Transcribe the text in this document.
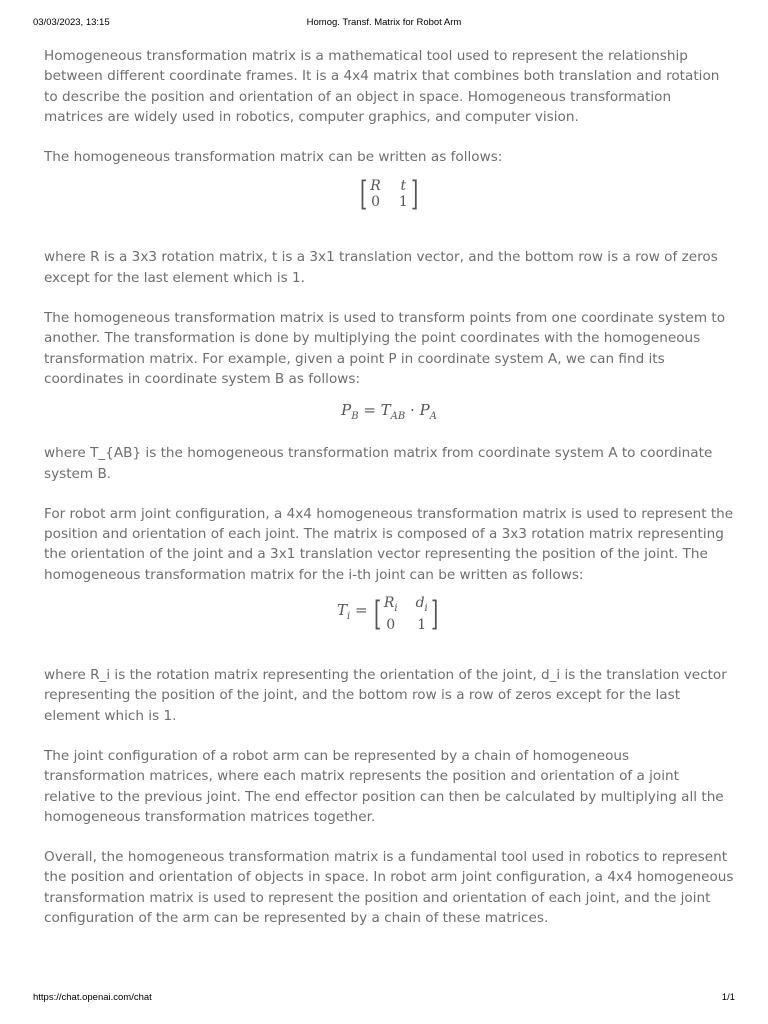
03/03/2023, 13:15	Homog. Transf. Matrix for Robot Arm

Homogeneous transformation matrix is a mathematical tool used to represent the relationship between different coordinate frames. It is a 4x4 matrix that combines both translation and rotation to describe the position and orientation of an object in space. Homogeneous transformation matrices are widely used in robotics, computer graphics, and computer vision.

The homogeneous transformation matrix can be written as follows:

[ R t
0 1 ]

where R is a 3x3 rotation matrix, t is a 3x1 translation vector, and the bottom row is a row of zeros except for the last element which is 1.

The homogeneous transformation matrix is used to transform points from one coordinate system to another. The transformation is done by multiplying the point coordinates with the homogeneous transformation matrix. For example, given a point P in coordinate system A, we can find its coordinates in coordinate system B as follows:

$P_B = T_{AB} \cdot P_A$

where T_{AB} is the homogeneous transformation matrix from coordinate system A to coordinate system B.

For robot arm joint configuration, a 4x4 homogeneous transformation matrix is used to represent the position and orientation of each joint. The matrix is composed of a 3x3 rotation matrix representing the orientation of the joint and a 3x1 translation vector representing the position of the joint. The homogeneous transformation matrix for the i-th joint can be written as follows:

$T_i$ = [ $R_i$ $d_i$
0 1 ]

where R_i is the rotation matrix representing the orientation of the joint, d_i is the translation vector representing the position of the joint, and the bottom row is a row of zeros except for the last element which is 1.

The joint configuration of a robot arm can be represented by a chain of homogeneous transformation matrices, where each matrix represents the position and orientation of a joint relative to the previous joint. The end effector position can then be calculated by multiplying all the homogeneous transformation matrices together.

Overall, the homogeneous transformation matrix is a fundamental tool used in robotics to represent the position and orientation of objects in space. In robot arm joint configuration, a 4x4 homogeneous transformation matrix is used to represent the position and orientation of each joint, and the joint configuration of the arm can be represented by a chain of these matrices.

https://chat.openai.com/chat	1/1
